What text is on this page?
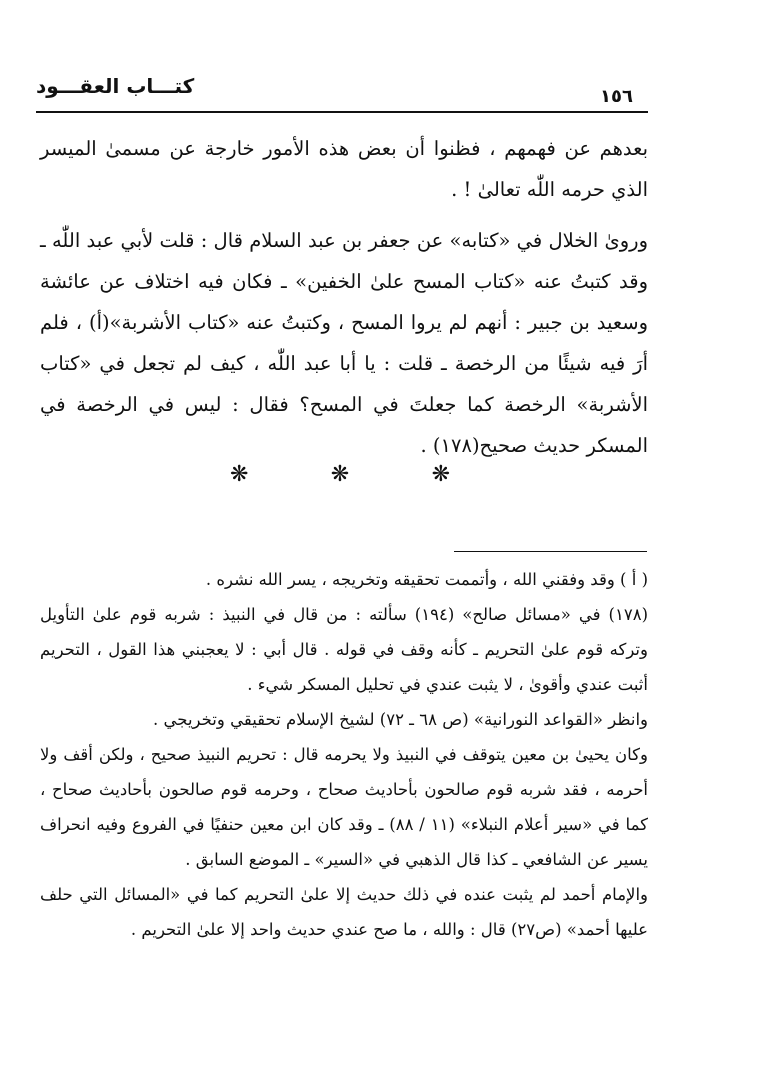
كتـــاب العقـــود	١٥٦

بعدهم عن فهمهم ، فظنوا أن بعض هذه الأمور خارجة عن مسمىٰ الميسر الذي حرمه اللّٰه تعالىٰ ! .

وروىٰ الخلال في «كتابه» عن جعفر بن عبد السلام قال : قلت لأبي عبد اللّٰه ـ وقد كتبتُ عنه «كتاب المسح علىٰ الخفين» ـ فكان فيه اختلاف عن عائشة وسعيد بن جبير : أنهم لم يروا المسح ، وكتبتُ عنه «كتاب الأشربة»(أ) ، فلم أرَ فيه شيئًا من الرخصة ـ قلت : يا أبا عبد اللّٰه ، كيف لم تجعل في «كتاب الأشربة» الرخصة كما جعلتَ في المسح؟ فقال : ليس في الرخصة في المسكر حديث صحيح(١٧٨) .

❋	❋	❋

( أ ) وقد وفقني الله ، وأتممت تحقيقه وتخريجه ، يسر الله نشره .

(١٧٨) في «مسائل صالح» (١٩٤) سألته : من قال في النبيذ : شربه قوم علىٰ التأويل وتركه قوم علىٰ التحريم ـ كأنه وقف في قوله . قال أبي : لا يعجبني هذا القول ، التحريم أثبت عندي وأقوىٰ ، لا يثبت عندي في تحليل المسكر شيء .

وانظر «القواعد النورانية» (ص ٦٨ ـ ٧٢) لشيخ الإسلام تحقيقي وتخريجي .

وكان يحيىٰ بن معين يتوقف في النبيذ ولا يحرمه قال : تحريم النبيذ صحيح ، ولكن أقف ولا أحرمه ، فقد شربه قوم صالحون بأحاديث صحاح ، وحرمه قوم صالحون بأحاديث صحاح ، كما في «سير أعلام النبلاء» (١١ / ٨٨) ـ وقد كان ابن معين حنفيًا في الفروع وفيه انحراف يسير عن الشافعي ـ كذا قال الذهبي في «السير» ـ الموضع السابق .

والإمام أحمد لم يثبت عنده في ذلك حديث إلا علىٰ التحريم كما في «المسائل التي حلف عليها أحمد» (ص٢٧) قال : والله ، ما صح عندي حديث واحد إلا علىٰ التحريم .
